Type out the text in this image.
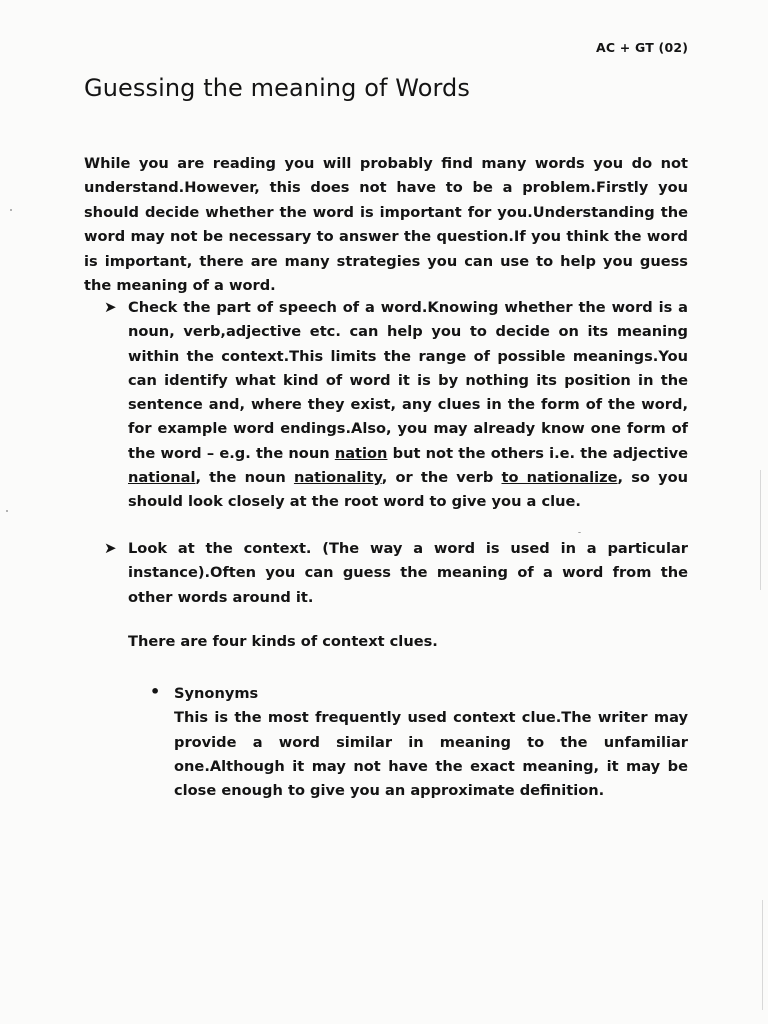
AC + GT (02)
Guessing the meaning of Words

While you are reading you will probably find many words you do not understand.However, this does not have to be a problem.Firstly you should decide whether the word is important for you.Understanding the word may not be necessary to answer the question.If you think the word is important, there are many strategies you can use to help you guess the meaning of a word.

➤ Check the part of speech of a word.Knowing whether the word is a noun, verb,adjective etc. can help you to decide on its meaning within the context.This limits the range of possible meanings.You can identify what kind of word it is by nothing its position in the sentence and, where they exist, any clues in the form of the word, for example word endings.Also, you may already know one form of the word – e.g. the noun nation but not the others i.e. the adjective national, the noun nationality, or the verb to nationalize, so you should look closely at the root word to give you a clue.
➤ Look at the context. (The way a word is used in a particular instance).Often you can guess the meaning of a word from the other words around it.

There are four kinds of context clues.

• Synonyms
This is the most frequently used context clue.The writer may provide a word similar in meaning to the unfamiliar one.Although it may not have the exact meaning, it may be close enough to give you an approximate definition.
